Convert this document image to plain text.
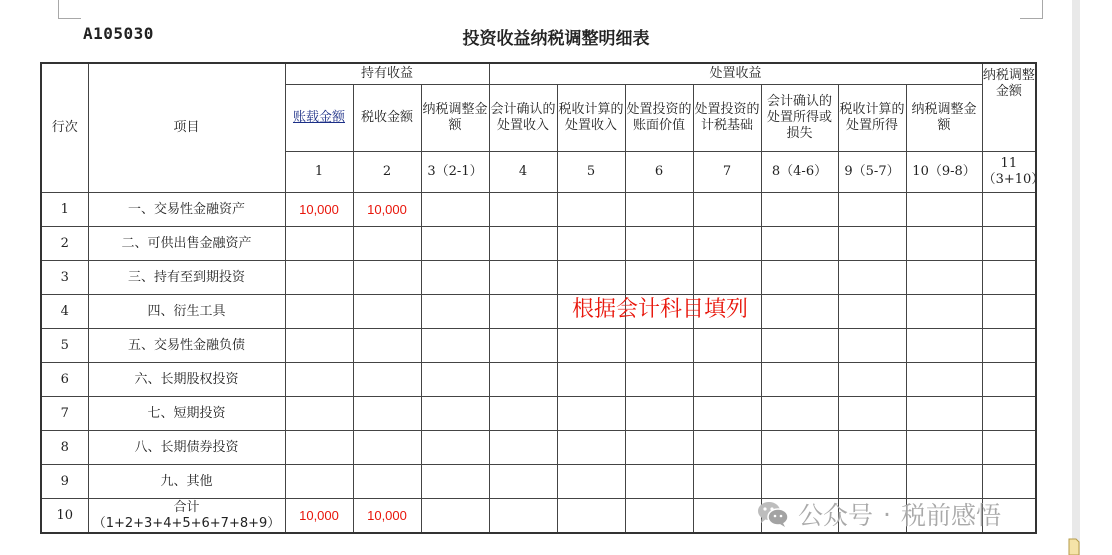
A105030	投资收益纳税调整明细表
行次	项目	持有收益			处置收益							纳税调整金额
		账载金额	税收金额	纳税调整金额	会计确认的处置收入	税收计算的处置收入	处置投资的账面价值	处置投资的计税基础	会计确认的处置所得或损失	税收计算的处置所得	纳税调整金额	
		1	2	3（2-1）	4	5	6	7	8（4-6）	9（5-7）	10（9-8）	11（3+10）
1	一、交易性金融资产	10,000	10,000									
2	二、可供出售金融资产											
3	三、持有至到期投资											
4	四、衍生工具											
5	五、交易性金融负债											
6	六、长期股权投资											
7	七、短期投资											
8	八、长期债券投资											
9	九、其他											
10	合计（1+2+3+4+5+6+7+8+9）	10,000	10,000									
根据会计科目填列
公众号 · 税前感悟
